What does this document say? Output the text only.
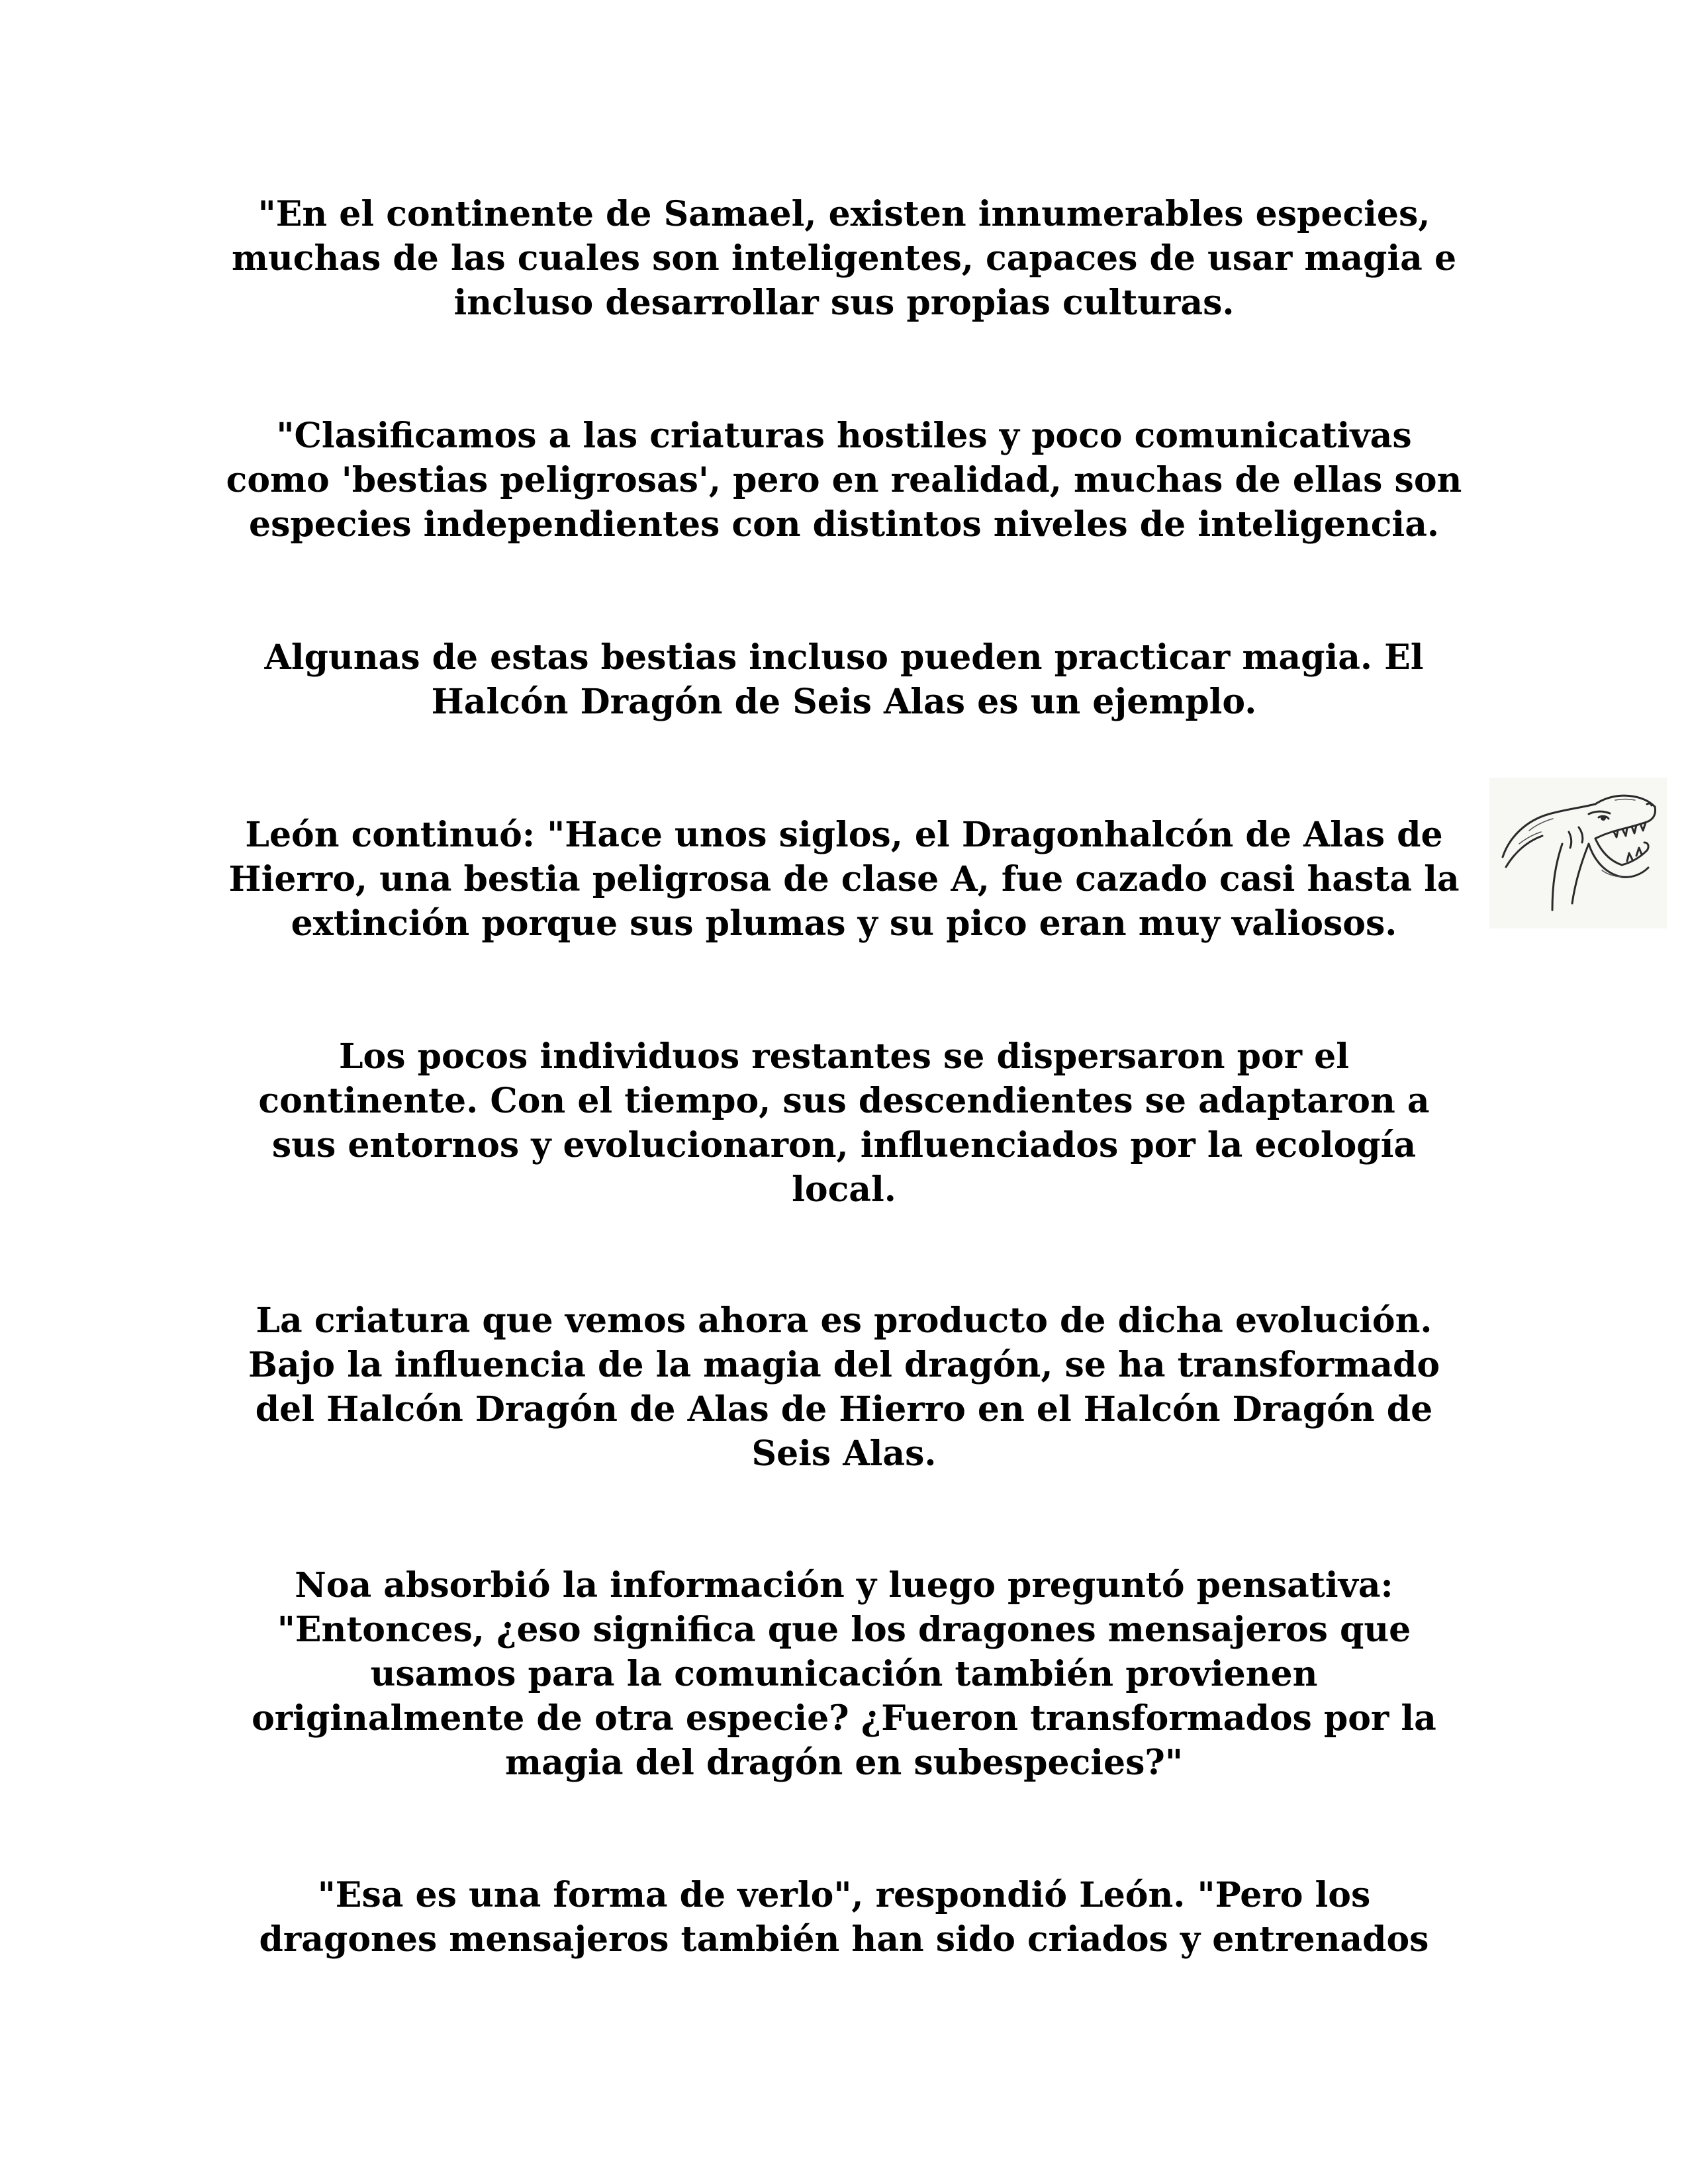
"En el continente de Samael, existen innumerables especies,
muchas de las cuales son inteligentes, capaces de usar magia e
incluso desarrollar sus propias culturas.

"Clasificamos a las criaturas hostiles y poco comunicativas
como 'bestias peligrosas', pero en realidad, muchas de ellas son
especies independientes con distintos niveles de inteligencia.

Algunas de estas bestias incluso pueden practicar magia. El
Halcón Dragón de Seis Alas es un ejemplo.

León continuó: "Hace unos siglos, el Dragonhalcón de Alas de
Hierro, una bestia peligrosa de clase A, fue cazado casi hasta la
extinción porque sus plumas y su pico eran muy valiosos.

Los pocos individuos restantes se dispersaron por el
continente. Con el tiempo, sus descendientes se adaptaron a
sus entornos y evolucionaron, influenciados por la ecología
local.

La criatura que vemos ahora es producto de dicha evolución.
Bajo la influencia de la magia del dragón, se ha transformado
del Halcón Dragón de Alas de Hierro en el Halcón Dragón de
Seis Alas.

Noa absorbió la información y luego preguntó pensativa:
"Entonces, ¿eso significa que los dragones mensajeros que
usamos para la comunicación también provienen
originalmente de otra especie? ¿Fueron transformados por la
magia del dragón en subespecies?"

"Esa es una forma de verlo", respondió León. "Pero los
dragones mensajeros también han sido criados y entrenados
